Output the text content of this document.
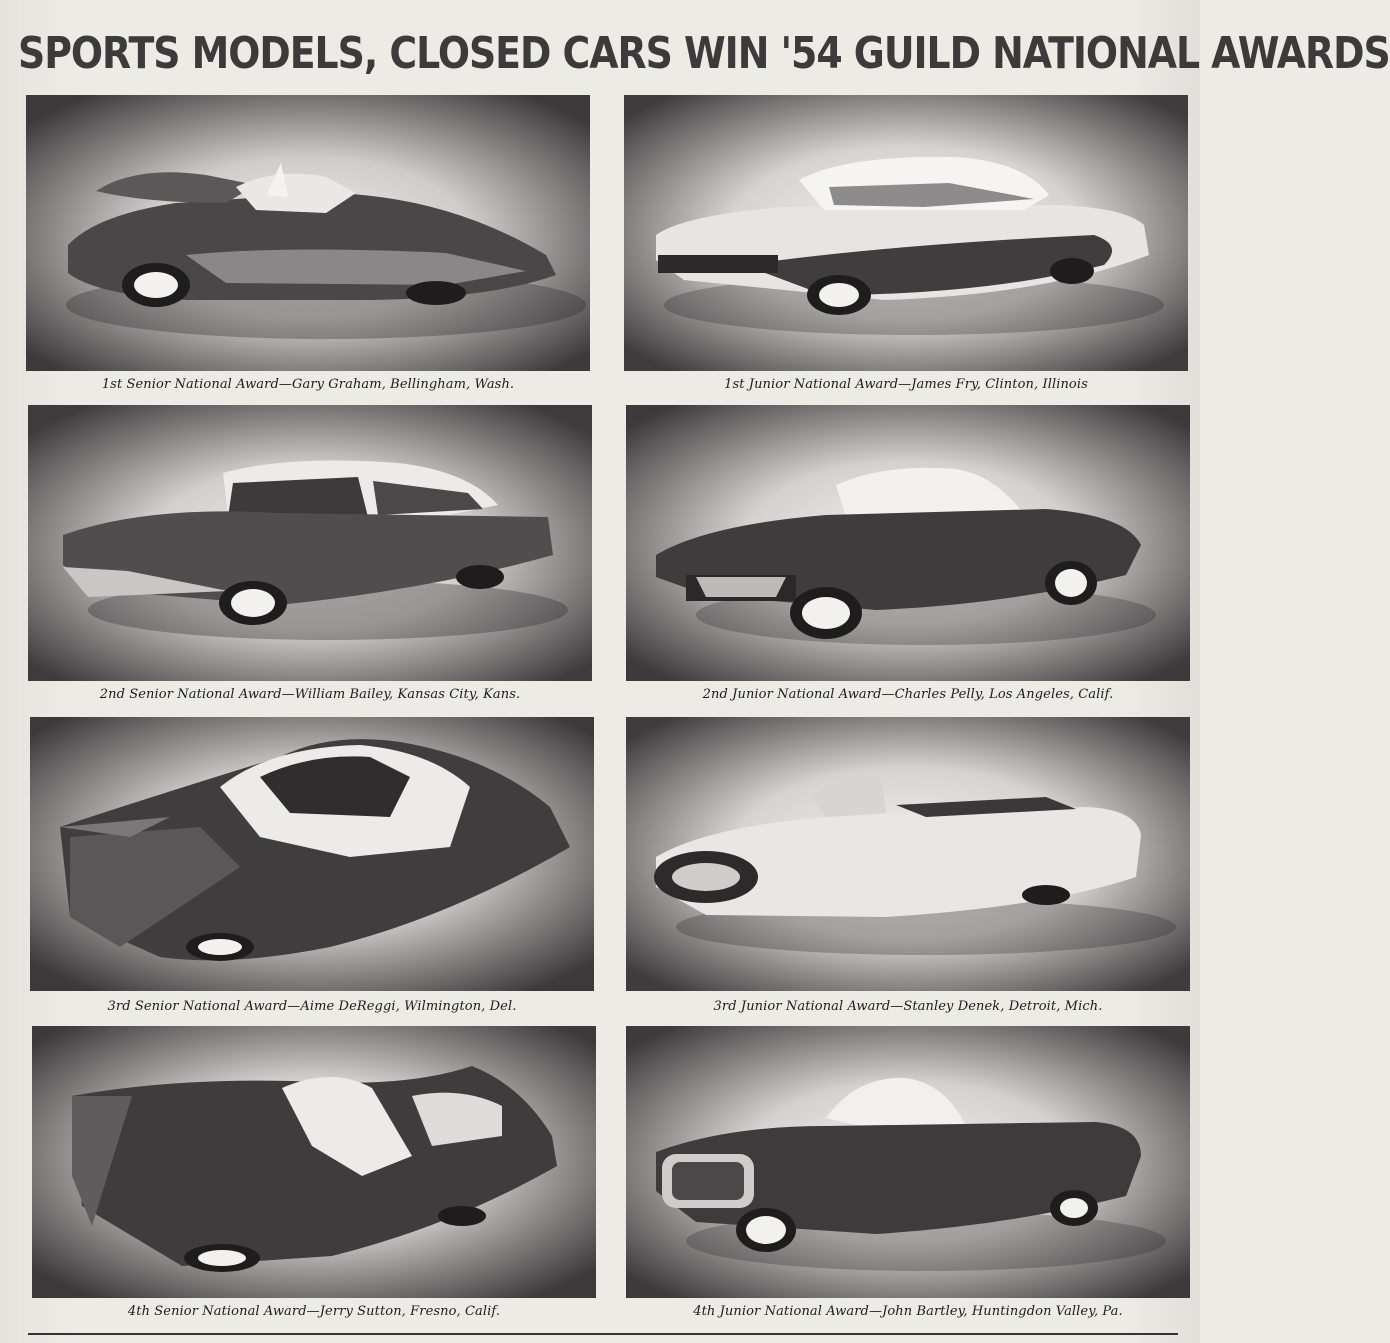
SPORTS MODELS, CLOSED CARS WIN '54 GUILD NATIONAL AWARDS

1st Senior National Award—Gary Graham, Bellingham, Wash.	1st Junior National Award—James Fry, Clinton, Illinois

2nd Senior National Award—William Bailey, Kansas City, Kans.	2nd Junior National Award—Charles Pelly, Los Angeles, Calif.

3rd Senior National Award—Aime DeReggi, Wilmington, Del.	3rd Junior National Award—Stanley Denek, Detroit, Mich.

4th Senior National Award—Jerry Sutton, Fresno, Calif.	4th Junior National Award—John Bartley, Huntingdon Valley, Pa.
